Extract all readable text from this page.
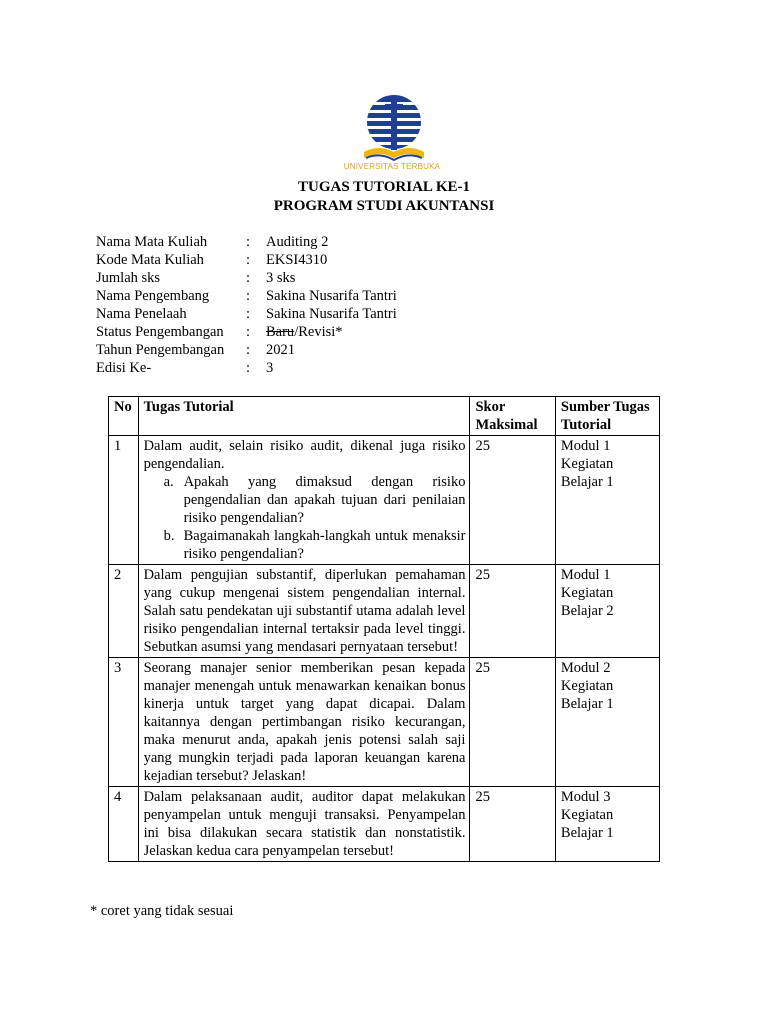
UNIVERSITAS TERBUKA
TUGAS TUTORIAL KE-1
PROGRAM STUDI AKUNTANSI
Nama Mata Kuliah	: Auditing 2
Kode Mata Kuliah	: EKSI4310
Jumlah sks	: 3 sks
Nama Pengembang	: Sakina Nusarifa Tantri
Nama Penelaah	: Sakina Nusarifa Tantri
Status Pengembangan : Baru/Revisi*
Tahun Pengembangan : 2021
Edisi Ke-	: 3
No	Tugas Tutorial	Skor Maksimal	Sumber Tugas Tutorial
1	Dalam audit, selain risiko audit, dikenal juga risiko pengendalian.
a. Apakah yang dimaksud dengan risiko pengendalian dan apakah tujuan dari penilaian risiko pengendalian?
b. Bagaimanakah langkah-langkah untuk menaksir risiko pengendalian?	25	Modul 1 Kegiatan Belajar 1
2	Dalam pengujian substantif, diperlukan pemahaman yang cukup mengenai sistem pengendalian internal. Salah satu pendekatan uji substantif utama adalah level risiko pengendalian internal tertaksir pada level tinggi. Sebutkan asumsi yang mendasari pernyataan tersebut!	25	Modul 1 Kegiatan Belajar 2
3	Seorang manajer senior memberikan pesan kepada manajer menengah untuk menawarkan kenaikan bonus kinerja untuk target yang dapat dicapai. Dalam kaitannya dengan pertimbangan risiko kecurangan, maka menurut anda, apakah jenis potensi salah saji yang mungkin terjadi pada laporan keuangan karena kejadian tersebut? Jelaskan!	25	Modul 2 Kegiatan Belajar 1
4	Dalam pelaksanaan audit, auditor dapat melakukan penyampelan untuk menguji transaksi. Penyampelan ini bisa dilakukan secara statistik dan nonstatistik. Jelaskan kedua cara penyampelan tersebut!	25	Modul 3 Kegiatan Belajar 1
* coret yang tidak sesuai
